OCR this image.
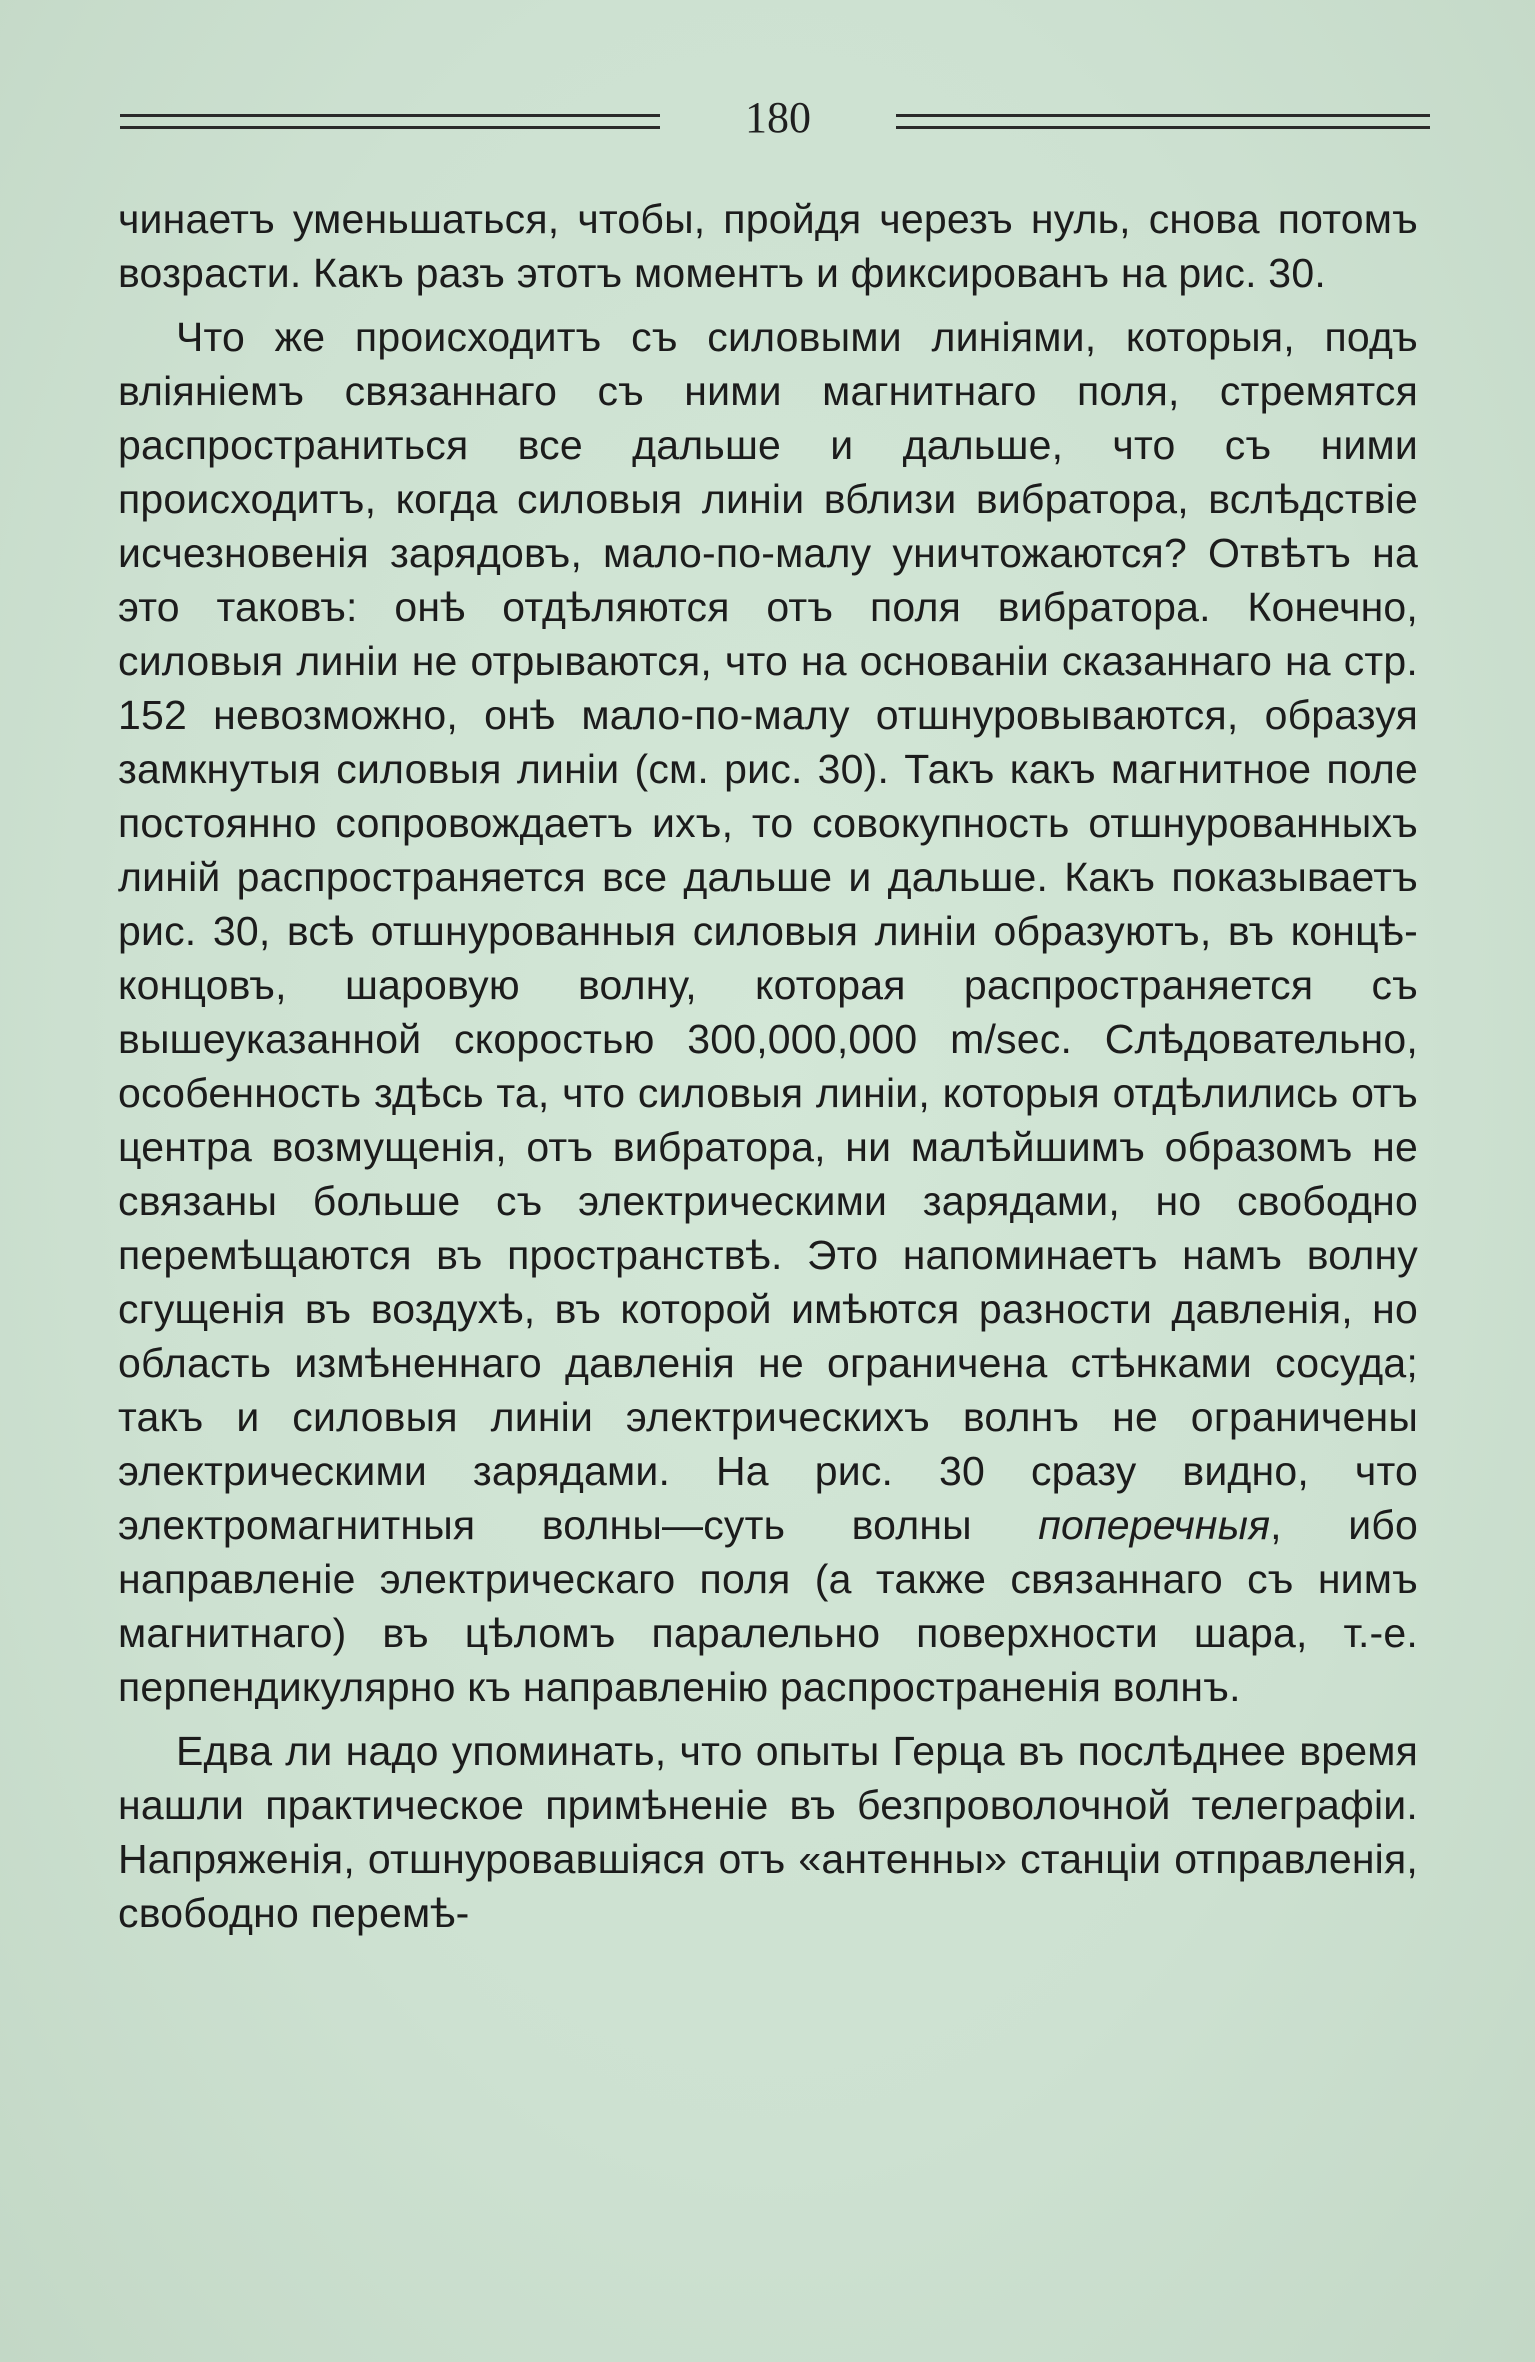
180

чинаетъ уменьшаться, чтобы, пройдя черезъ нуль, снова потомъ возрасти. Какъ разъ этотъ моментъ и фиксированъ на рис. 30.

Что же происходитъ съ силовыми линіями, которыя, подъ вліяніемъ связаннаго съ ними магнитнаго поля, стремятся распространиться все дальше и дальше, что съ ними происходитъ, когда силовыя линіи вблизи вибратора, вслѣдствіе исчезновенія зарядовъ, мало-по-малу уничтожаются? Отвѣтъ на это таковъ: онѣ отдѣляются отъ поля вибратора. Конечно, силовыя линіи не отрываются, что на основаніи сказаннаго на стр. 152 невозможно, онѣ мало-по-малу отшнуровываются, образуя замкнутыя силовыя линіи (см. рис. 30). Такъ какъ магнитное поле постоянно сопровождаетъ ихъ, то совокупность отшнурованныхъ линій распространяется все дальше и дальше. Какъ показываетъ рис. 30, всѣ отшнурованныя силовыя линіи образуютъ, въ концѣ-концовъ, шаровую волну, которая распространяется съ вышеуказанной скоростью 300,000,000 m/sec. Слѣдовательно, особенность здѣсь та, что силовыя линіи, которыя отдѣлились отъ центра возмущенія, отъ вибратора, ни малѣйшимъ образомъ не связаны больше съ электрическими зарядами, но свободно перемѣщаются въ пространствѣ. Это напоминаетъ намъ волну сгущенія въ воздухѣ, въ которой имѣются разности давленія, но область измѣненнаго давленія не ограничена стѣнками сосуда; такъ и силовыя линіи электрическихъ волнъ не ограничены электрическими зарядами. На рис. 30 сразу видно, что электромагнитныя волны—суть волны поперечныя, ибо направленіе электрическаго поля (а также связаннаго съ нимъ магнитнаго) въ цѣломъ паралельно поверхности шара, т.-е. перпендикулярно къ направленію распространенія волнъ.

Едва ли надо упоминать, что опыты Герца въ послѣднее время нашли практическое примѣненіе въ безпроволочной телеграфіи. Напряженія, отшнуровавшіяся отъ «антенны» станціи отправленія, свободно перемѣ-
